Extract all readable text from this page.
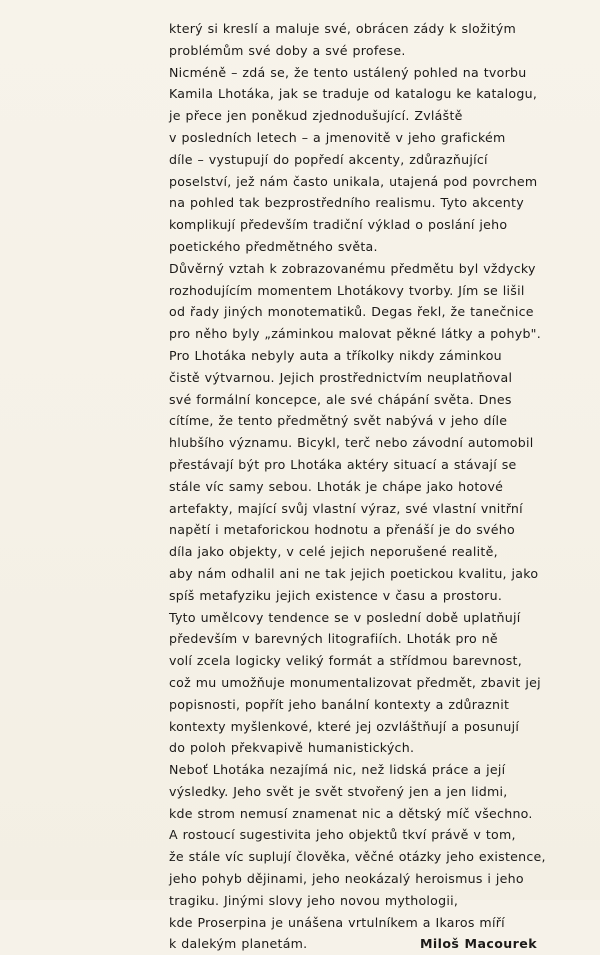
který si kreslí a maluje své, obrácen zády k složitým
problémům své doby a své profese.
Nicméně – zdá se, že tento ustálený pohled na tvorbu
Kamila Lhotáka, jak se traduje od katalogu ke katalogu,
je přece jen poněkud zjednodušující. Zvláště
v posledních letech – a jmenovitě v jeho grafickém
díle – vystupují do popředí akcenty, zdůrazňující
poselství, jež nám často unikala, utajená pod povrchem
na pohled tak bezprostředního realismu. Tyto akcenty
komplikují především tradiční výklad o poslání jeho
poetického předmětného světa.
Důvěrný vztah k zobrazovanému předmětu byl vždycky
rozhodujícím momentem Lhotákovy tvorby. Jím se lišil
od řady jiných monotematiků. Degas řekl, že tanečnice
pro něho byly „záminkou malovat pěkné látky a pohyb".
Pro Lhotáka nebyly auta a tříkolky nikdy záminkou
čistě výtvarnou. Jejich prostřednictvím neuplatňoval
své formální koncepce, ale své chápání světa. Dnes
cítíme, že tento předmětný svět nabývá v jeho díle
hlubšího významu. Bicykl, terč nebo závodní automobil
přestávají být pro Lhotáka aktéry situací a stávají se
stále víc samy sebou. Lhoták je chápe jako hotové
artefakty, mající svůj vlastní výraz, své vlastní vnitřní
napětí i metaforickou hodnotu a přenáší je do svého
díla jako objekty, v celé jejich neporušené realitě,
aby nám odhalil ani ne tak jejich poetickou kvalitu, jako
spíš metafyziku jejich existence v času a prostoru.
Tyto umělcovy tendence se v poslední době uplatňují
především v barevných litografiích. Lhoták pro ně
volí zcela logicky veliký formát a střídmou barevnost,
což mu umožňuje monumentalizovat předmět, zbavit jej
popisnosti, popřít jeho banální kontexty a zdůraznit
kontexty myšlenkové, které jej ozvláštňují a posunují
do poloh překvapivě humanistických.
Neboť Lhotáka nezajímá nic, než lidská práce a její
výsledky. Jeho svět je svět stvořený jen a jen lidmi,
kde strom nemusí znamenat nic a dětský míč všechno.
A rostoucí sugestivita jeho objektů tkví právě v tom,
že stále víc suplují člověka, věčné otázky jeho existence,
jeho pohyb dějinami, jeho neokázalý heroismus i jeho
tragiku. Jinými slovy jeho novou mythologii,
kde Proserpina je unášena vrtulníkem a Ikaros míří
k dalekým planetám.	Miloš Macourek
